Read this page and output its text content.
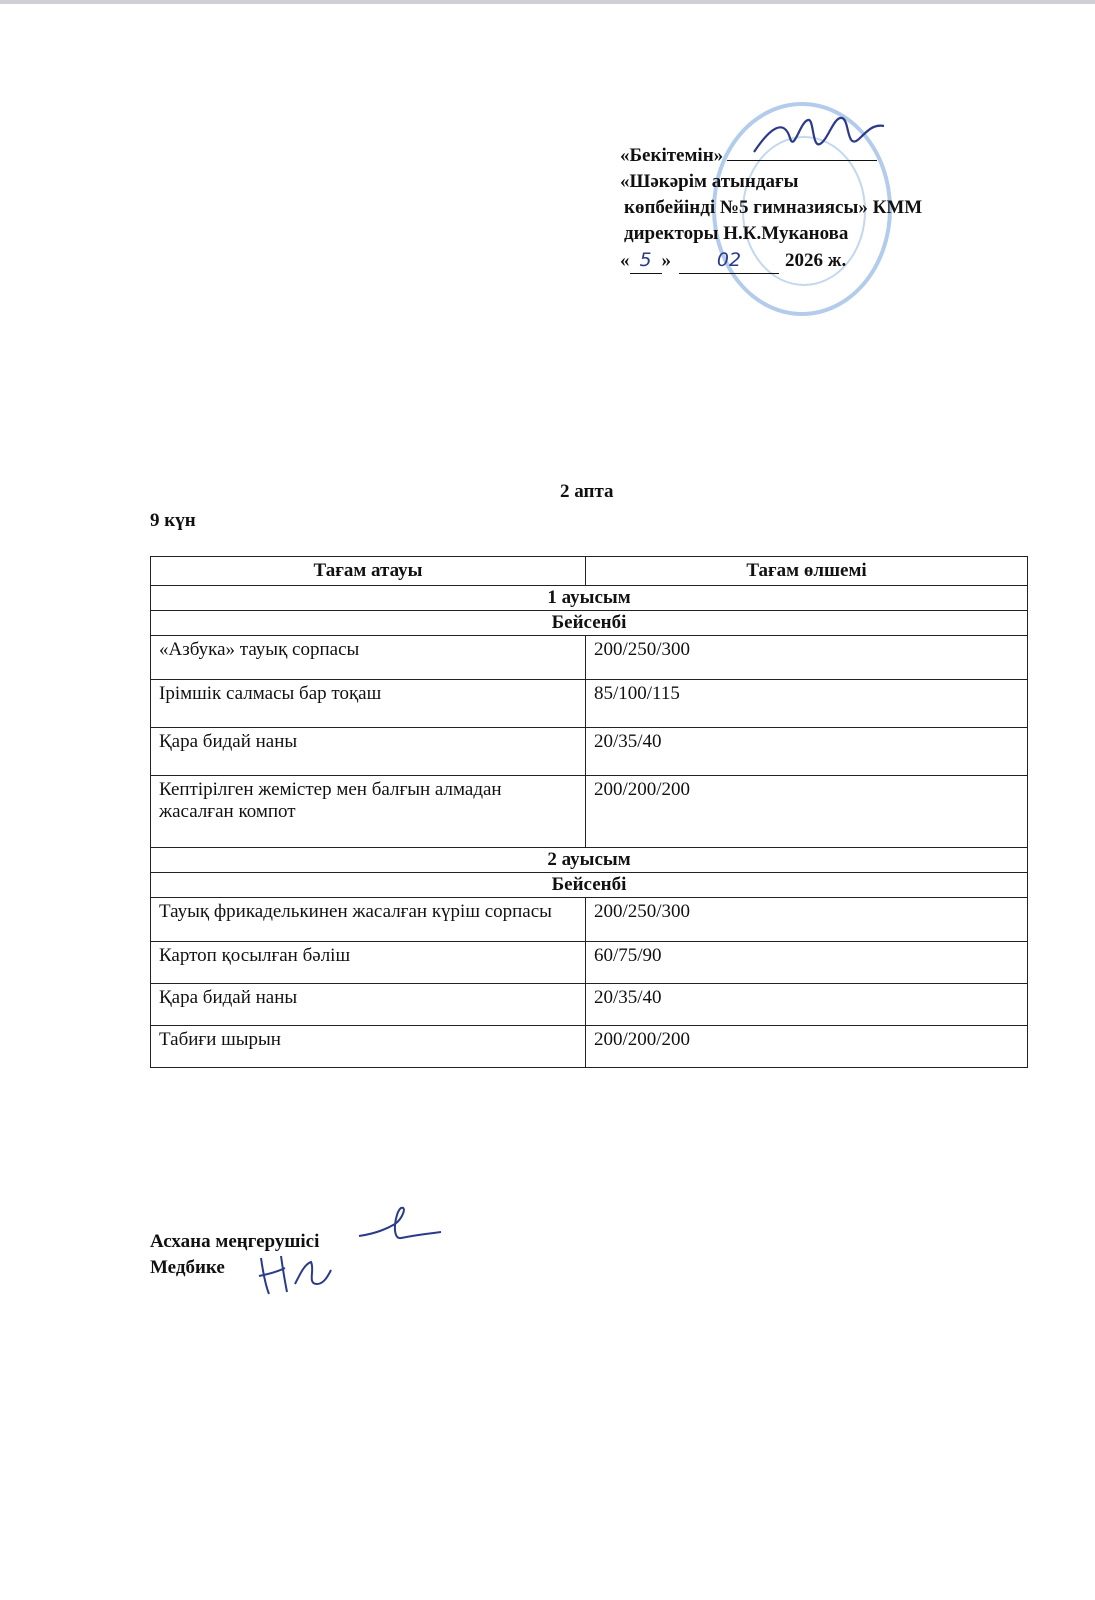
«Бекітемін»
«Шәкәрім атындағы
көпбейінді №5 гимназиясы» КММ
директоры Н.К.Муканова
« 5 » 02 2026 ж.
2 апта
9 күн
Тағам атауы	Тағам өлшемі
1 ауысым	
Бейсенбі	
«Азбука» тауық сорпасы	200/250/300
Ірімшік салмасы бар тоқаш	85/100/115
Қара бидай наны	20/35/40
Кептірілген жемістер мен балғын алмадан жасалған компот	200/200/200
2 ауысым	
Бейсенбі	
Тауық фрикаделькинен жасалған күріш сорпасы	200/250/300
Картоп қосылған бәліш	60/75/90
Қара бидай наны	20/35/40
Табиғи шырын	200/200/200
Асхана меңгерушісі
Медбике
